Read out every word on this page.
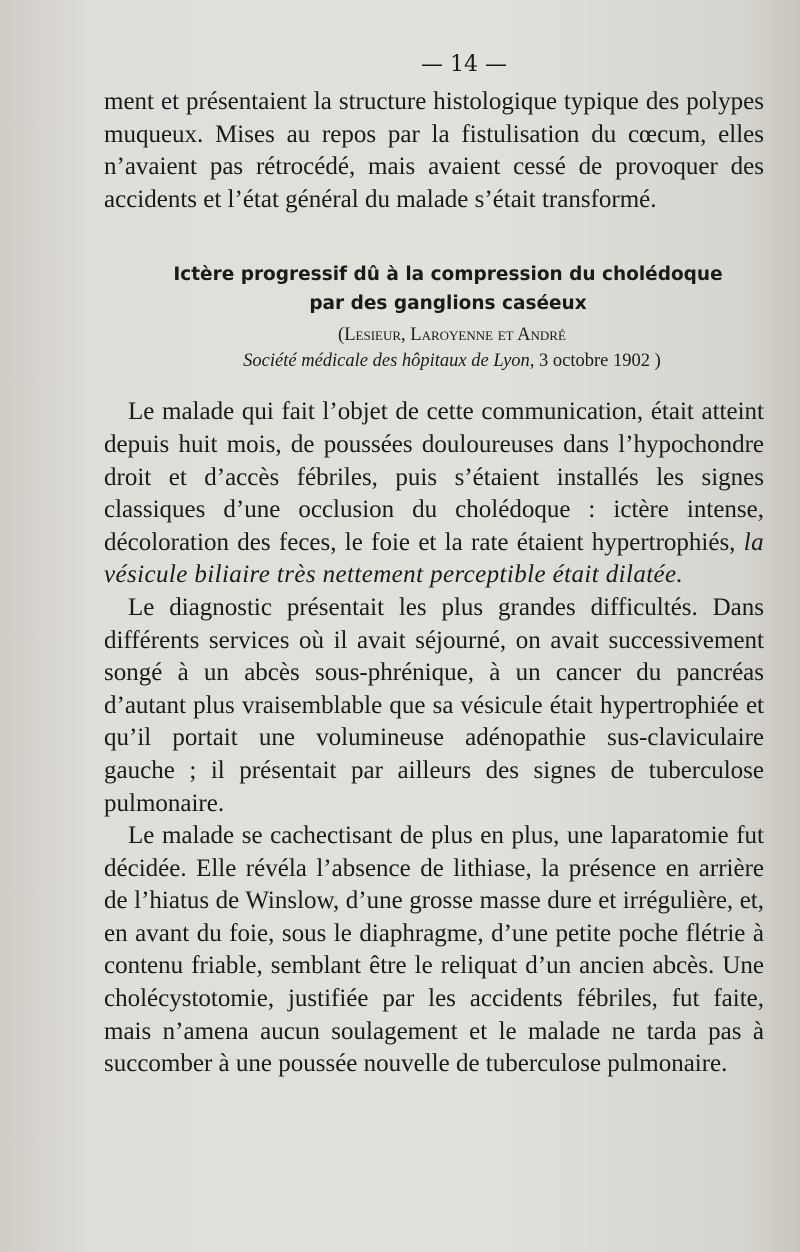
— 14 —

ment et présentaient la structure histologique typique des polypes muqueux. Mises au repos par la fistulisation du cœcum, elles n’avaient pas rétrocédé, mais avaient cessé de provoquer des accidents et l’état général du malade s’était transformé.

Ictère progressif dû à la compression du cholédoque
par des ganglions caséeux
(Lesieur, Laroyenne et André
Société médicale des hôpitaux de Lyon, 3 octobre 1902 )

Le malade qui fait l’objet de cette communication, était atteint depuis huit mois, de poussées douloureuses dans l’hypochondre droit et d’accès fébriles, puis s’étaient installés les signes classiques d’une occlusion du cholédoque : ictère intense, décoloration des feces, le foie et la rate étaient hypertrophiés, la vésicule biliaire très nettement perceptible était dilatée.

Le diagnostic présentait les plus grandes difficultés. Dans différents services où il avait séjourné, on avait successivement songé à un abcès sous-phrénique, à un cancer du pancréas d’autant plus vraisemblable que sa vésicule était hypertrophiée et qu’il portait une volumineuse adénopathie sus-claviculaire gauche ; il présentait par ailleurs des signes de tuberculose pulmonaire.

Le malade se cachectisant de plus en plus, une laparatomie fut décidée. Elle révéla l’absence de lithiase, la présence en arrière de l’hiatus de Winslow, d’une grosse masse dure et irrégulière, et, en avant du foie, sous le diaphragme, d’une petite poche flétrie à contenu friable, semblant être le reliquat d’un ancien abcès. Une cholécystotomie, justifiée par les accidents fébriles, fut faite, mais n’amena aucun soulagement et le malade ne tarda pas à succomber à une poussée nouvelle de tuberculose pulmonaire.
